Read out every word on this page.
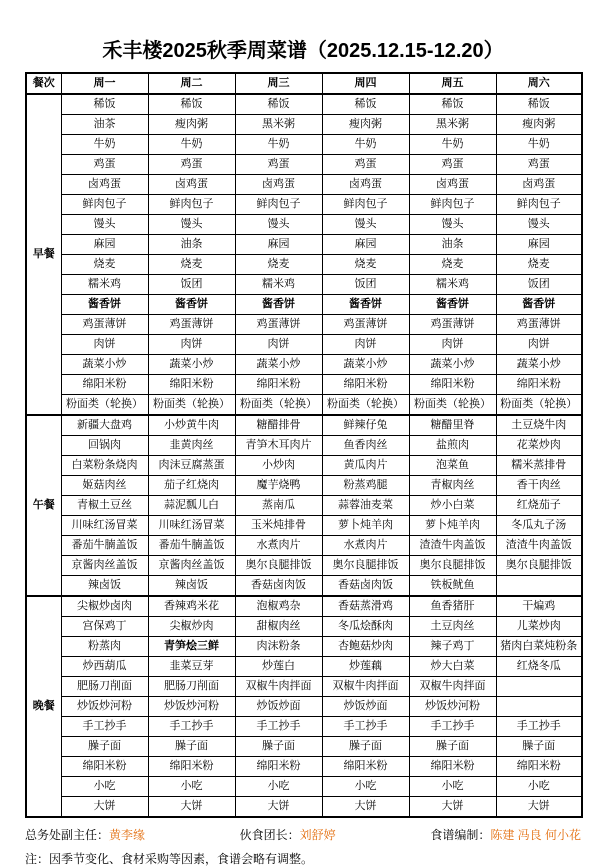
禾丰楼2025秋季周菜谱（2025.12.15-12.20）
餐次	周一	周二	周三	周四	周五	周六
早餐	稀饭	稀饭	稀饭	稀饭	稀饭	稀饭
	油茶	瘦肉粥	黑米粥	瘦肉粥	黑米粥	瘦肉粥
	牛奶	牛奶	牛奶	牛奶	牛奶	牛奶
	鸡蛋	鸡蛋	鸡蛋	鸡蛋	鸡蛋	鸡蛋
	卤鸡蛋	卤鸡蛋	卤鸡蛋	卤鸡蛋	卤鸡蛋	卤鸡蛋
	鲜肉包子	鲜肉包子	鲜肉包子	鲜肉包子	鲜肉包子	鲜肉包子
	馒头	馒头	馒头	馒头	馒头	馒头
	麻园	油条	麻园	麻园	油条	麻园
	烧麦	烧麦	烧麦	烧麦	烧麦	烧麦
	糯米鸡	饭团	糯米鸡	饭团	糯米鸡	饭团
	酱香饼	酱香饼	酱香饼	酱香饼	酱香饼	酱香饼
	鸡蛋薄饼	鸡蛋薄饼	鸡蛋薄饼	鸡蛋薄饼	鸡蛋薄饼	鸡蛋薄饼
	肉饼	肉饼	肉饼	肉饼	肉饼	肉饼
	蔬菜小炒	蔬菜小炒	蔬菜小炒	蔬菜小炒	蔬菜小炒	蔬菜小炒
	绵阳米粉	绵阳米粉	绵阳米粉	绵阳米粉	绵阳米粉	绵阳米粉
	粉面类（轮换）	粉面类（轮换）	粉面类（轮换）	粉面类（轮换）	粉面类（轮换）	粉面类（轮换）
午餐	新疆大盘鸡	小炒黄牛肉	糖醋排骨	鲜辣仔兔	糖醋里脊	土豆烧牛肉
	回锅肉	韭黄肉丝	青笋木耳肉片	鱼香肉丝	盐煎肉	花菜炒肉
	白菜粉条烧肉	肉沫豆腐蒸蛋	小炒肉	黄瓜肉片	泡菜鱼	糯米蒸排骨
	姬菇肉丝	茄子红烧肉	魔芋烧鸭	粉蒸鸡腿	青椒肉丝	香干肉丝
	青椒土豆丝	蒜泥瓢儿白	蒸南瓜	蒜蓉油麦菜	炒小白菜	红烧茄子
	川味红汤冒菜	川味红汤冒菜	玉米炖排骨	萝卜炖羊肉	萝卜炖羊肉	冬瓜丸子汤
	番茄牛腩盖饭	番茄牛腩盖饭	水煮肉片	水煮肉片	渣渣牛肉盖饭	渣渣牛肉盖饭
	京酱肉丝盖饭	京酱肉丝盖饭	奥尔良腿排饭	奥尔良腿排饭	奥尔良腿排饭	奥尔良腿排饭
	辣卤饭	辣卤饭	香菇卤肉饭	香菇卤肉饭	铁板鱿鱼	
晚餐	尖椒炒卤肉	香辣鸡米花	泡椒鸡杂	香菇蒸滑鸡	鱼香猪肝	干煸鸡
	宫保鸡丁	尖椒炒肉	甜椒肉丝	冬瓜烩酥肉	土豆肉丝	儿菜炒肉
	粉蒸肉	青笋烩三鲜	肉沫粉条	杏鲍菇炒肉	辣子鸡丁	猪肉白菜炖粉条
	炒西葫瓜	韭菜豆芽	炒莲白	炒莲藕	炒大白菜	红烧冬瓜
	肥肠刀削面	肥肠刀削面	双椒牛肉拌面	双椒牛肉拌面	双椒牛肉拌面	
	炒饭炒河粉	炒饭炒河粉	炒饭炒面	炒饭炒面	炒饭炒河粉	
	手工抄手	手工抄手	手工抄手	手工抄手	手工抄手	手工抄手
	臊子面	臊子面	臊子面	臊子面	臊子面	臊子面
	绵阳米粉	绵阳米粉	绵阳米粉	绵阳米粉	绵阳米粉	绵阳米粉
	小吃	小吃	小吃	小吃	小吃	小吃
	大饼	大饼	大饼	大饼	大饼	大饼
总务处副主任：黄李缘	伙食团长：刘舒婷	食谱编制：陈建 冯良 何小花
注：因季节变化、食材采购等因素，食谱会略有调整。
